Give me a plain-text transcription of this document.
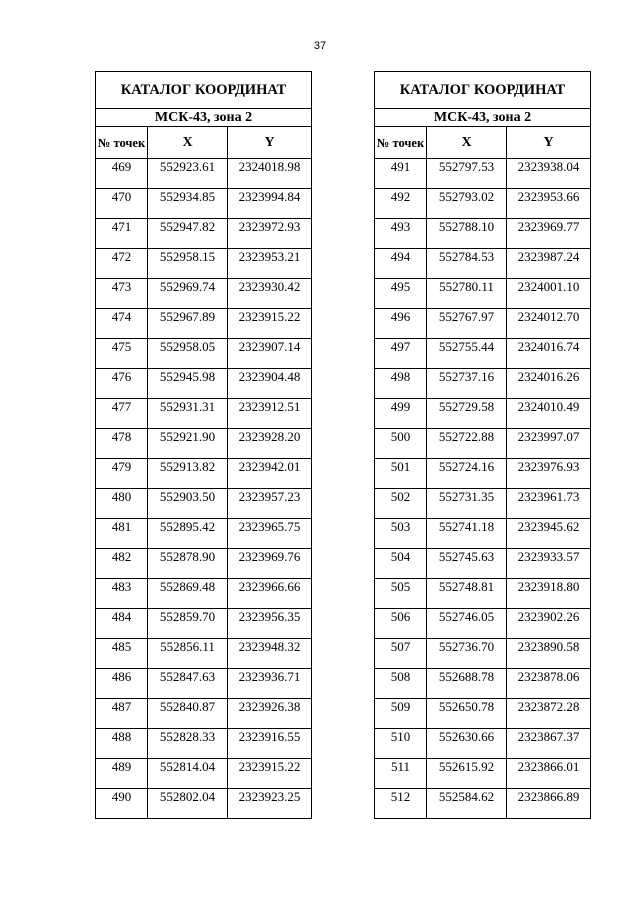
37
КАТАЛОГ КООРДИНАТ		
МСК-43, зона 2		
№ точек	X	Y
469	552923.61	2324018.98
470	552934.85	2323994.84
471	552947.82	2323972.93
472	552958.15	2323953.21
473	552969.74	2323930.42
474	552967.89	2323915.22
475	552958.05	2323907.14
476	552945.98	2323904.48
477	552931.31	2323912.51
478	552921.90	2323928.20
479	552913.82	2323942.01
480	552903.50	2323957.23
481	552895.42	2323965.75
482	552878.90	2323969.76
483	552869.48	2323966.66
484	552859.70	2323956.35
485	552856.11	2323948.32
486	552847.63	2323936.71
487	552840.87	2323926.38
488	552828.33	2323916.55
489	552814.04	2323915.22
490	552802.04	2323923.25
КАТАЛОГ КООРДИНАТ		
МСК-43, зона 2		
№ точек	X	Y
491	552797.53	2323938.04
492	552793.02	2323953.66
493	552788.10	2323969.77
494	552784.53	2323987.24
495	552780.11	2324001.10
496	552767.97	2324012.70
497	552755.44	2324016.74
498	552737.16	2324016.26
499	552729.58	2324010.49
500	552722.88	2323997.07
501	552724.16	2323976.93
502	552731.35	2323961.73
503	552741.18	2323945.62
504	552745.63	2323933.57
505	552748.81	2323918.80
506	552746.05	2323902.26
507	552736.70	2323890.58
508	552688.78	2323878.06
509	552650.78	2323872.28
510	552630.66	2323867.37
511	552615.92	2323866.01
512	552584.62	2323866.89
